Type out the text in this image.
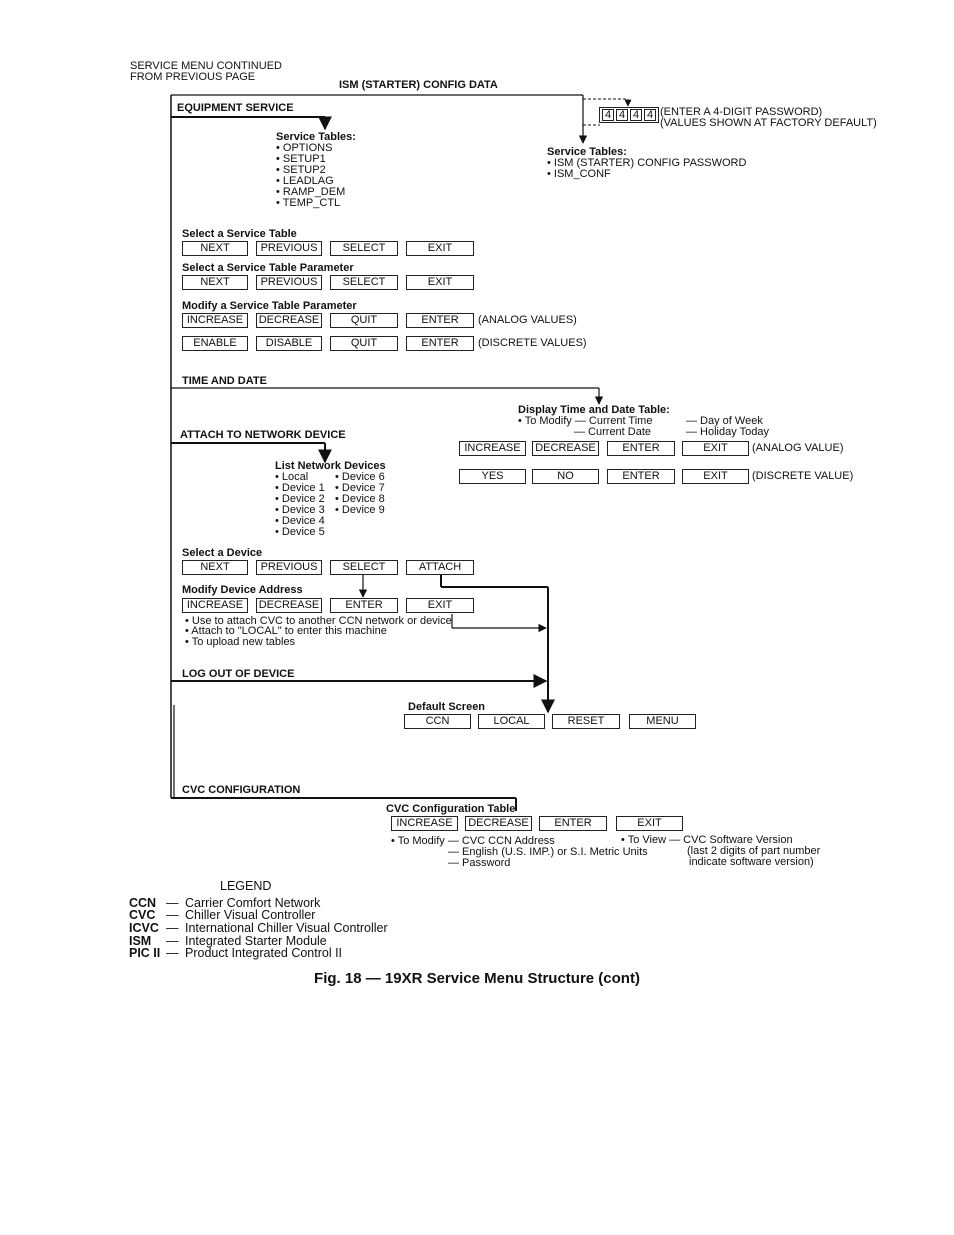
SERVICE MENU CONTINUED
FROM PREVIOUS PAGE
ISM (STARTER) CONFIG DATA
4 4 4 4 (ENTER A 4-DIGIT PASSWORD)
(VALUES SHOWN AT FACTORY DEFAULT)
Service Tables:
• ISM (STARTER) CONFIG PASSWORD
• ISM_CONF
EQUIPMENT SERVICE
Service Tables:
• OPTIONS
• SETUP1
• SETUP2
• LEADLAG
• RAMP_DEM
• TEMP_CTL
Select a Service Table
NEXT	PREVIOUS	SELECT	EXIT
Select a Service Table Parameter
NEXT	PREVIOUS	SELECT	EXIT
Modify a Service Table Parameter
INCREASE	DECREASE	QUIT	ENTER	(ANALOG VALUES)
ENABLE	DISABLE	QUIT	ENTER	(DISCRETE VALUES)
TIME AND DATE
Display Time and Date Table:
• To Modify — Current Time
— Current Date
— Day of Week
— Holiday Today
INCREASE	DECREASE	ENTER	EXIT	(ANALOG VALUE)
YES	NO	ENTER	EXIT	(DISCRETE VALUE)
ATTACH TO NETWORK DEVICE
List Network Devices
• Local
• Device 1
• Device 2
• Device 3
• Device 4
• Device 5
• Device 6
• Device 7
• Device 8
• Device 9
Select a Device
NEXT	PREVIOUS	SELECT	ATTACH
Modify Device Address
INCREASE	DECREASE	ENTER	EXIT
• Use to attach CVC to another CCN network or device
• Attach to "LOCAL" to enter this machine
• To upload new tables
LOG OUT OF DEVICE
Default Screen
CCN	LOCAL	RESET	MENU
CVC CONFIGURATION
CVC Configuration Table
INCREASE	DECREASE	ENTER	EXIT
• To Modify — CVC CCN Address
— English (U.S. IMP.) or S.I. Metric Units
— Password
• To View — CVC Software Version
(last 2 digits of part number
indicate software version)
LEGEND
CCN — Carrier Comfort Network
CVC — Chiller Visual Controller
ICVC — International Chiller Visual Controller
ISM — Integrated Starter Module
PIC II — Product Integrated Control II
Fig. 18 — 19XR Service Menu Structure (cont)
